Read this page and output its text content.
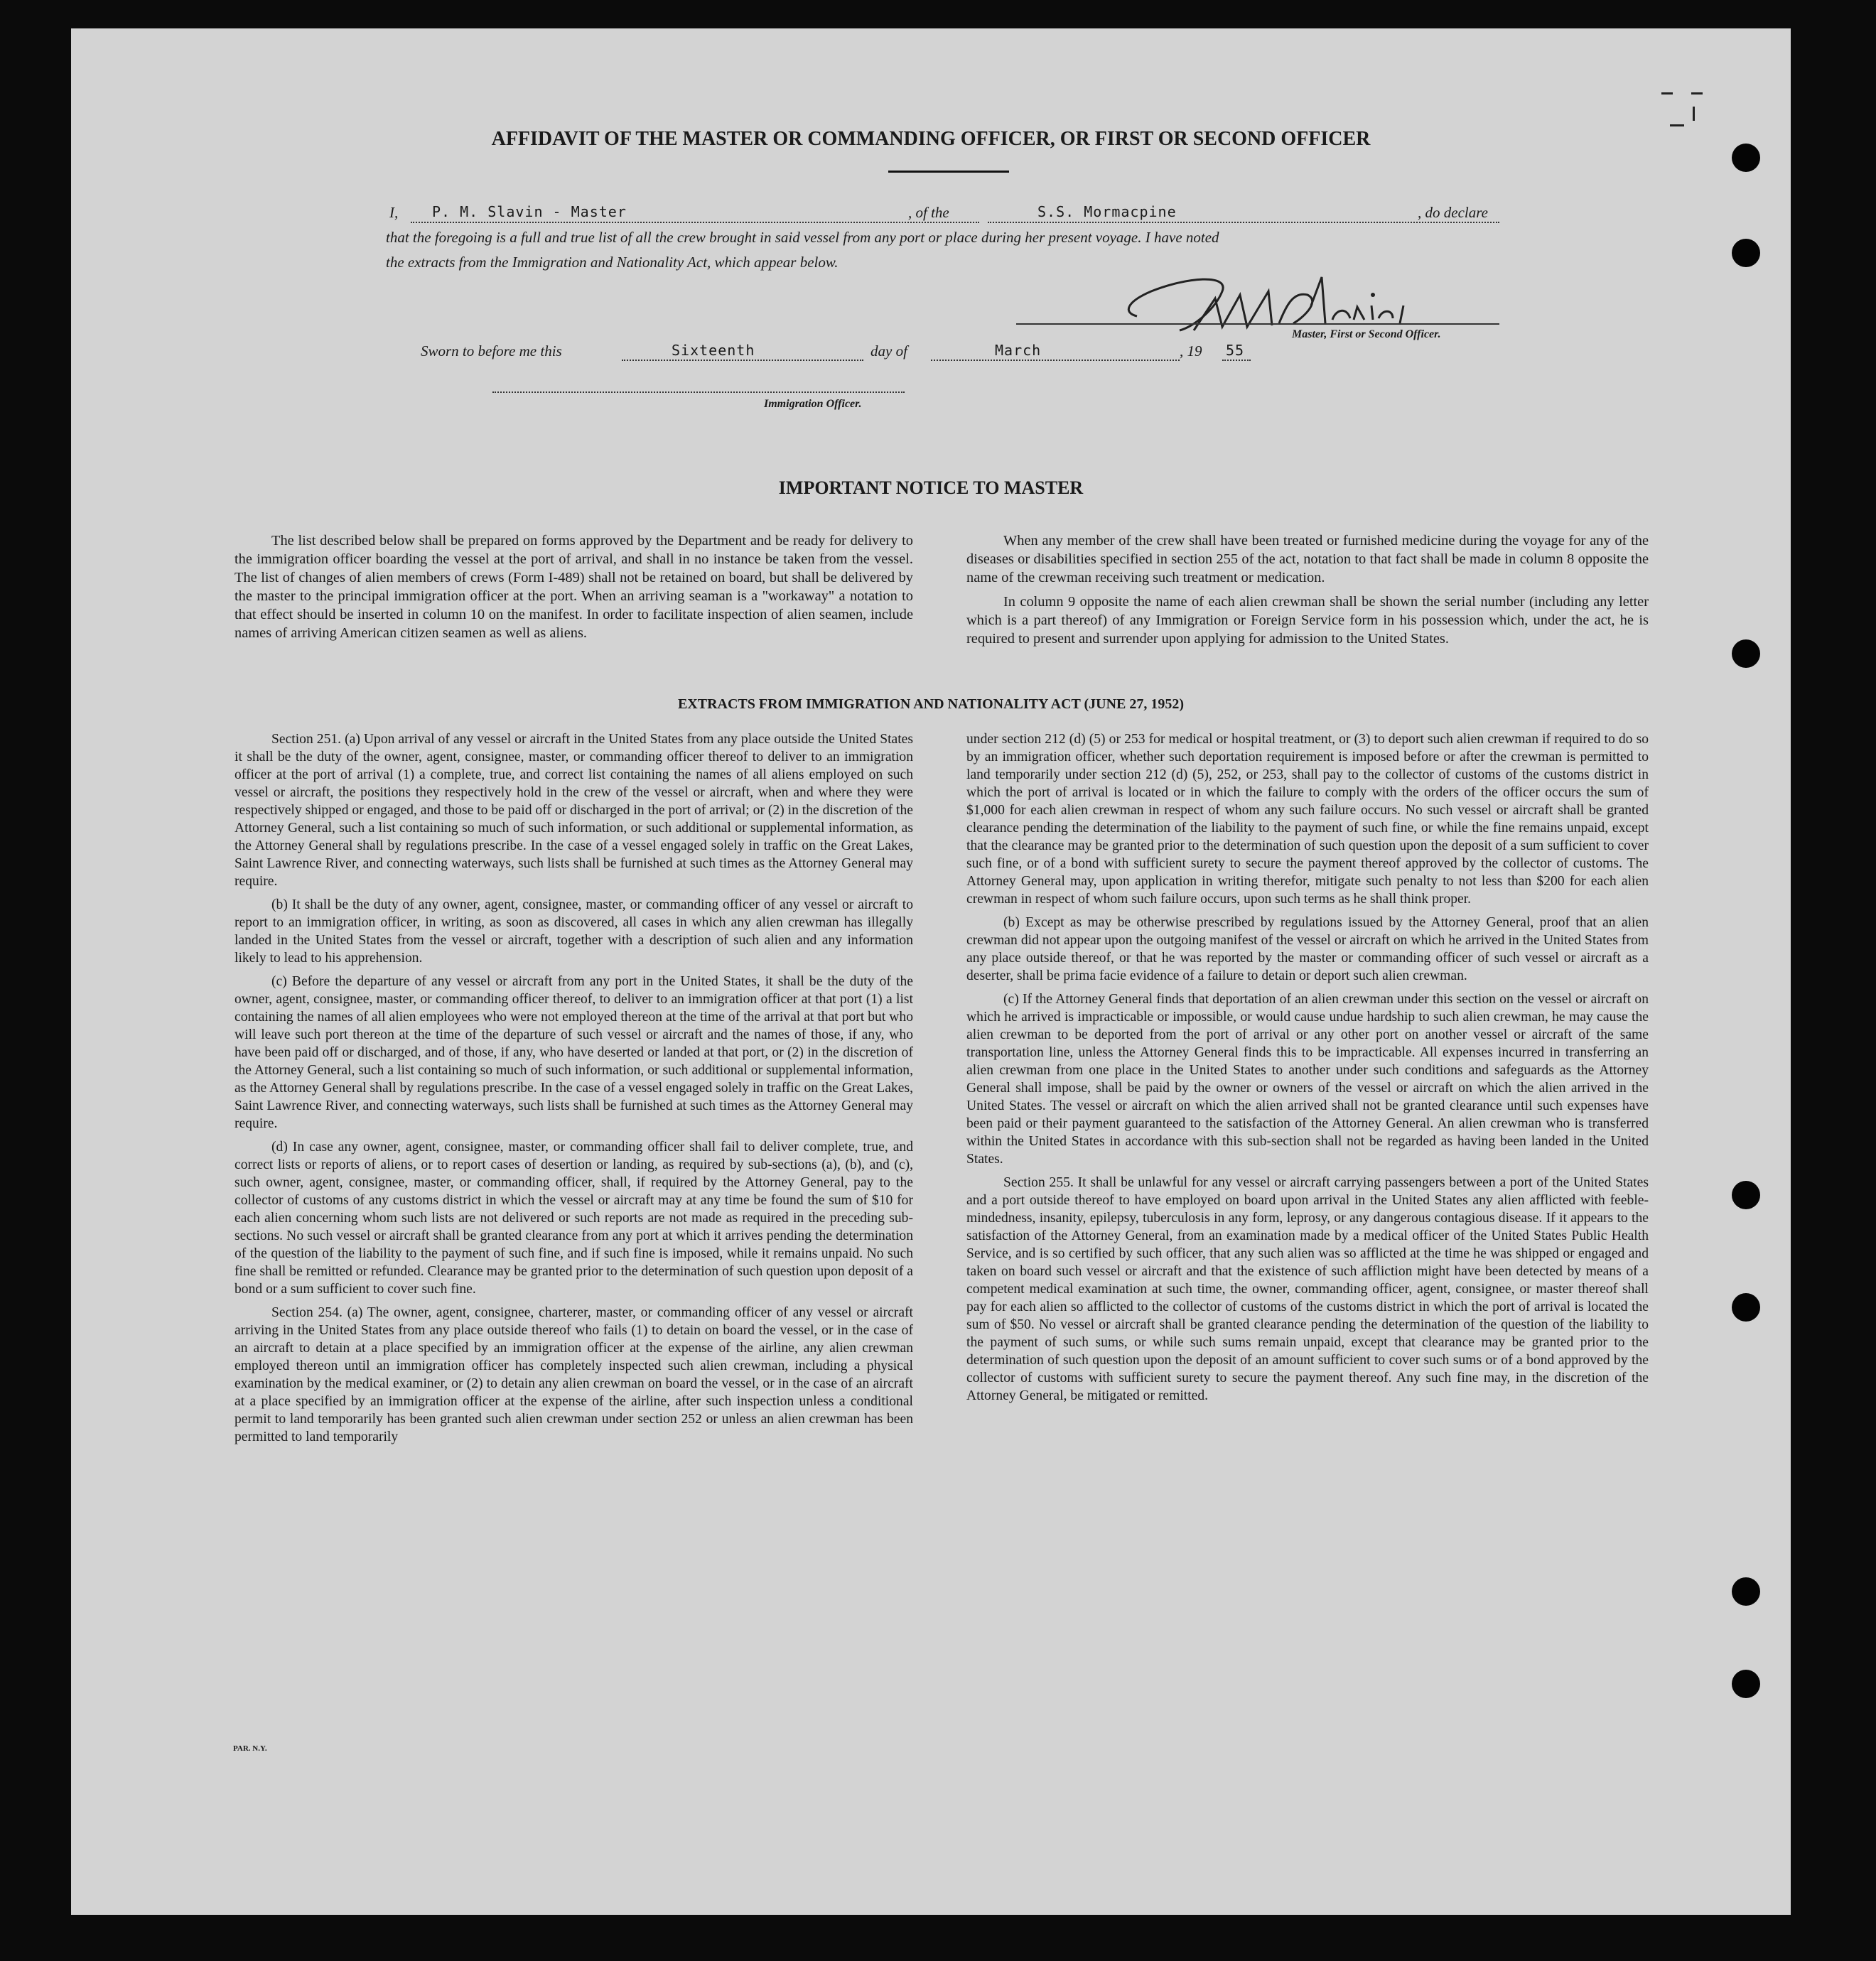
AFFIDAVIT OF THE MASTER OR COMMANDING OFFICER, OR FIRST OR SECOND OFFICER
I, P. M. Slavin - Master	, of the	S.S. Mormacpine	, do declare
that the foregoing is a full and true list of all the crew brought in said vessel from any port or place during her present voyage. I have noted
the extracts from the Immigration and Nationality Act, which appear below.
Master, First or Second Officer.
Sworn to before me this	Sixteenth	day of	March	, 19 55
Immigration Officer.
IMPORTANT NOTICE TO MASTER

The list described below shall be prepared on forms approved by the Department and be ready for delivery to the immigration officer boarding the vessel at the port of arrival, and shall in no instance be taken from the vessel. The list of changes of alien members of crews (Form I-489) shall not be retained on board, but shall be delivered by the master to the principal immigration officer at the port. When an arriving seaman is a "workaway" a notation to that effect should be inserted in column 10 on the manifest. In order to facilitate inspection of alien seamen, include names of arriving American citizen seamen as well as aliens.

When any member of the crew shall have been treated or furnished medicine during the voyage for any of the diseases or disabilities specified in section 255 of the act, notation to that fact shall be made in column 8 opposite the name of the crewman receiving such treatment or medication.

In column 9 opposite the name of each alien crewman shall be shown the serial number (including any letter which is a part thereof) of any Immigration or Foreign Service form in his possession which, under the act, he is required to present and surrender upon applying for admission to the United States.

EXTRACTS FROM IMMIGRATION AND NATIONALITY ACT (JUNE 27, 1952)

Section 251. (a) Upon arrival of any vessel or aircraft in the United States from any place outside the United States it shall be the duty of the owner, agent, consignee, master, or commanding officer thereof to deliver to an immigration officer at the port of arrival (1) a complete, true, and correct list containing the names of all aliens employed on such vessel or aircraft, the positions they respectively hold in the crew of the vessel or aircraft, when and where they were respectively shipped or engaged, and those to be paid off or discharged in the port of arrival; or (2) in the discretion of the Attorney General, such a list containing so much of such information, or such additional or supplemental information, as the Attorney General shall by regulations prescribe. In the case of a vessel engaged solely in traffic on the Great Lakes, Saint Lawrence River, and connecting waterways, such lists shall be furnished at such times as the Attorney General may require.

(b) It shall be the duty of any owner, agent, consignee, master, or commanding officer of any vessel or aircraft to report to an immigration officer, in writing, as soon as discovered, all cases in which any alien crewman has illegally landed in the United States from the vessel or aircraft, together with a description of such alien and any information likely to lead to his apprehension.

(c) Before the departure of any vessel or aircraft from any port in the United States, it shall be the duty of the owner, agent, consignee, master, or commanding officer thereof, to deliver to an immigration officer at that port (1) a list containing the names of all alien employees who were not employed thereon at the time of the arrival at that port but who will leave such port thereon at the time of the departure of such vessel or aircraft and the names of those, if any, who have been paid off or discharged, and of those, if any, who have deserted or landed at that port, or (2) in the discretion of the Attorney General, such a list containing so much of such information, or such additional or supplemental information, as the Attorney General shall by regulations prescribe. In the case of a vessel engaged solely in traffic on the Great Lakes, Saint Lawrence River, and connecting waterways, such lists shall be furnished at such times as the Attorney General may require.

(d) In case any owner, agent, consignee, master, or commanding officer shall fail to deliver complete, true, and correct lists or reports of aliens, or to report cases of desertion or landing, as required by sub-sections (a), (b), and (c), such owner, agent, consignee, master, or commanding officer, shall, if required by the Attorney General, pay to the collector of customs of any customs district in which the vessel or aircraft may at any time be found the sum of $10 for each alien concerning whom such lists are not delivered or such reports are not made as required in the preceding sub-sections. No such vessel or aircraft shall be granted clearance from any port at which it arrives pending the determination of the question of the liability to the payment of such fine, and if such fine is imposed, while it remains unpaid. No such fine shall be remitted or refunded. Clearance may be granted prior to the determination of such question upon deposit of a bond or a sum sufficient to cover such fine.

Section 254. (a) The owner, agent, consignee, charterer, master, or commanding officer of any vessel or aircraft arriving in the United States from any place outside thereof who fails (1) to detain on board the vessel, or in the case of an aircraft to detain at a place specified by an immigration officer at the expense of the airline, any alien crewman employed thereon until an immigration officer has completely inspected such alien crewman, including a physical examination by the medical examiner, or (2) to detain any alien crewman on board the vessel, or in the case of an aircraft at a place specified by an immigration officer at the expense of the airline, after such inspection unless a conditional permit to land temporarily has been granted such alien crewman under section 252 or unless an alien crewman has been permitted to land temporarily

under section 212 (d) (5) or 253 for medical or hospital treatment, or (3) to deport such alien crewman if required to do so by an immigration officer, whether such deportation requirement is imposed before or after the crewman is permitted to land temporarily under section 212 (d) (5), 252, or 253, shall pay to the collector of customs of the customs district in which the port of arrival is located or in which the failure to comply with the orders of the officer occurs the sum of $1,000 for each alien crewman in respect of whom any such failure occurs. No such vessel or aircraft shall be granted clearance pending the determination of the liability to the payment of such fine, or while the fine remains unpaid, except that the clearance may be granted prior to the determination of such question upon the deposit of a sum sufficient to cover such fine, or of a bond with sufficient surety to secure the payment thereof approved by the collector of customs. The Attorney General may, upon application in writing therefor, mitigate such penalty to not less than $200 for each alien crewman in respect of whom such failure occurs, upon such terms as he shall think proper.

(b) Except as may be otherwise prescribed by regulations issued by the Attorney General, proof that an alien crewman did not appear upon the outgoing manifest of the vessel or aircraft on which he arrived in the United States from any place outside thereof, or that he was reported by the master or commanding officer of such vessel or aircraft as a deserter, shall be prima facie evidence of a failure to detain or deport such alien crewman.

(c) If the Attorney General finds that deportation of an alien crewman under this section on the vessel or aircraft on which he arrived is impracticable or impossible, or would cause undue hardship to such alien crewman, he may cause the alien crewman to be deported from the port of arrival or any other port on another vessel or aircraft of the same transportation line, unless the Attorney General finds this to be impracticable. All expenses incurred in transferring an alien crewman from one place in the United States to another under such conditions and safeguards as the Attorney General shall impose, shall be paid by the owner or owners of the vessel or aircraft on which the alien arrived in the United States. The vessel or aircraft on which the alien arrived shall not be granted clearance until such expenses have been paid or their payment guaranteed to the satisfaction of the Attorney General. An alien crewman who is transferred within the United States in accordance with this sub-section shall not be regarded as having been landed in the United States.

Section 255. It shall be unlawful for any vessel or aircraft carrying passengers between a port of the United States and a port outside thereof to have employed on board upon arrival in the United States any alien afflicted with feeble-mindedness, insanity, epilepsy, tuberculosis in any form, leprosy, or any dangerous contagious disease. If it appears to the satisfaction of the Attorney General, from an examination made by a medical officer of the United States Public Health Service, and is so certified by such officer, that any such alien was so afflicted at the time he was shipped or engaged and taken on board such vessel or aircraft and that the existence of such affliction might have been detected by means of a competent medical examination at such time, the owner, commanding officer, agent, consignee, or master thereof shall pay for each alien so afflicted to the collector of customs of the customs district in which the port of arrival is located the sum of $50. No vessel or aircraft shall be granted clearance pending the determination of the question of the liability to the payment of such sums, or while such sums remain unpaid, except that clearance may be granted prior to the determination of such question upon the deposit of an amount sufficient to cover such sums or of a bond approved by the collector of customs with sufficient surety to secure the payment thereof. Any such fine may, in the discretion of the Attorney General, be mitigated or remitted.

PAR. N.Y.
